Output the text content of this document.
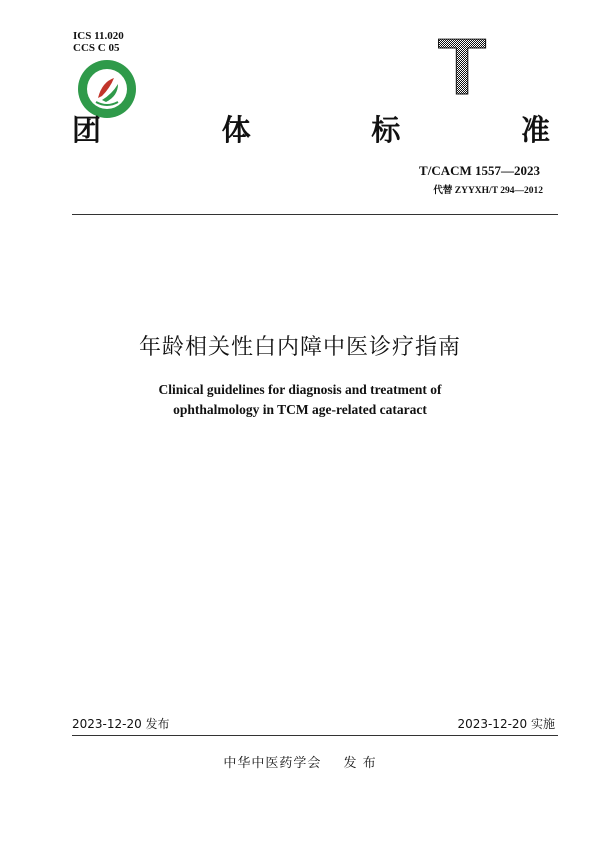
ICS 11.020
CCS C 05	T
团	体	标	准
T/CACM 1557—2023
代替 ZYYXH/T 294—2012
年龄相关性白内障中医诊疗指南
Clinical guidelines for diagnosis and treatment of
ophthalmology in TCM age-related cataract
2023-12-20 发布	2023-12-20 实施
中华中医药学会 发 布
